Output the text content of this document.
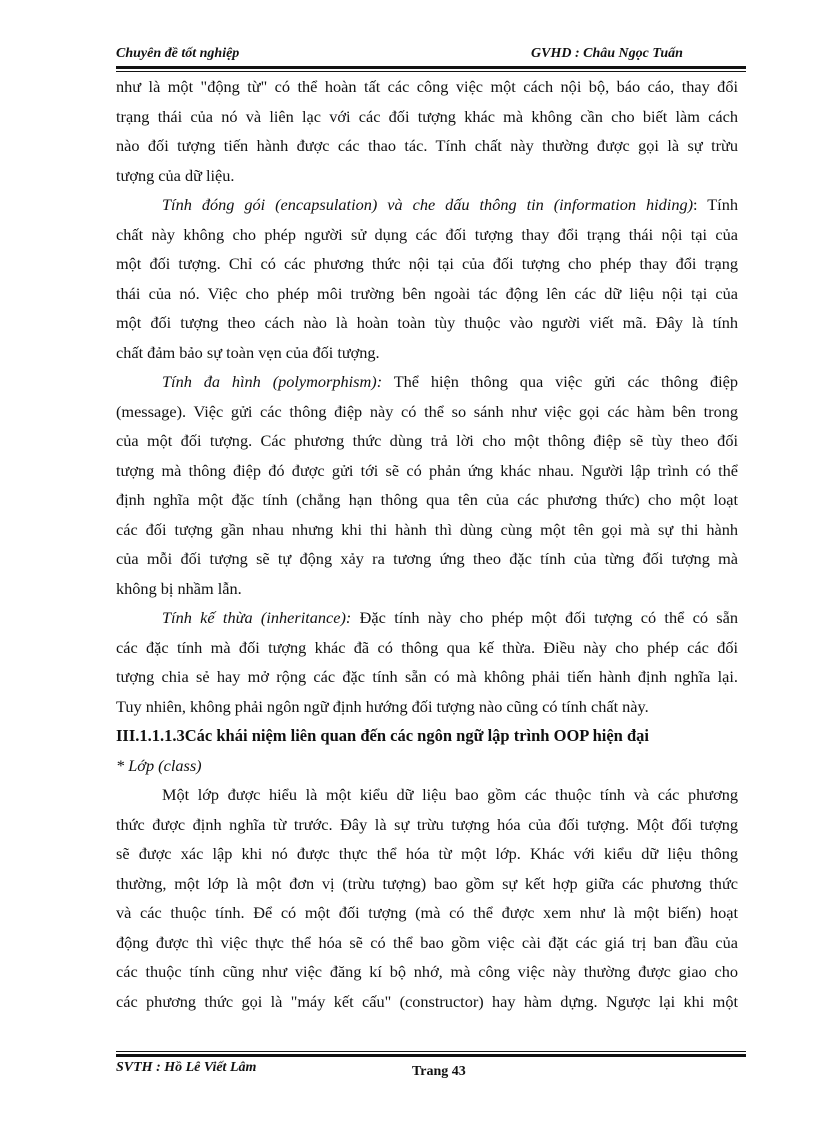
Chuyên đề tốt nghiệp	GVHD : Châu Ngọc Tuấn
như là một "động từ" có thể hoàn tất các công việc một cách nội bộ, báo cáo, thay đổi
trạng thái của nó và liên lạc với các đối tượng khác mà không cần cho biết làm cách
nào đối tượng tiến hành được các thao tác. Tính chất này thường được gọi là sự trừu
tượng của dữ liệu.
Tính đóng gói (encapsulation) và che dấu thông tin (information hiding): Tính
chất này không cho phép người sử dụng các đối tượng thay đổi trạng thái nội tại của
một đối tượng. Chỉ có các phương thức nội tại của đối tượng cho phép thay đổi trạng
thái của nó. Việc cho phép môi trường bên ngoài tác động lên các dữ liệu nội tại của
một đối tượng theo cách nào là hoàn toàn tùy thuộc vào người viết mã. Đây là tính
chất đảm bảo sự toàn vẹn của đối tượng.
Tính đa hình (polymorphism): Thể hiện thông qua việc gửi các thông điệp
(message). Việc gửi các thông điệp này có thể so sánh như việc gọi các hàm bên trong
của một đối tượng. Các phương thức dùng trả lời cho một thông điệp sẽ tùy theo đối
tượng mà thông điệp đó được gửi tới sẽ có phản ứng khác nhau. Người lập trình có thể
định nghĩa một đặc tính (chẳng hạn thông qua tên của các phương thức) cho một loạt
các đối tượng gần nhau nhưng khi thi hành thì dùng cùng một tên gọi mà sự thi hành
của mỗi đối tượng sẽ tự động xảy ra tương ứng theo đặc tính của từng đối tượng mà
không bị nhầm lẫn.
Tính kế thừa (inheritance): Đặc tính này cho phép một đối tượng có thể có sẵn
các đặc tính mà đối tượng khác đã có thông qua kế thừa. Điều này cho phép các đối
tượng chia sẻ hay mở rộng các đặc tính sẵn có mà không phải tiến hành định nghĩa lại.
Tuy nhiên, không phải ngôn ngữ định hướng đối tượng nào cũng có tính chất này.
III.1.1.1.3Các khái niệm liên quan đến các ngôn ngữ lập trình OOP hiện đại
* Lớp (class)
Một lớp được hiểu là một kiểu dữ liệu bao gồm các thuộc tính và các phương
thức được định nghĩa từ trước. Đây là sự trừu tượng hóa của đối tượng. Một đối tượng
sẽ được xác lập khi nó được thực thể hóa từ một lớp. Khác với kiểu dữ liệu thông
thường, một lớp là một đơn vị (trừu tượng) bao gồm sự kết hợp giữa các phương thức
và các thuộc tính. Để có một đối tượng (mà có thể được xem như là một biến) hoạt
động được thì việc thực thể hóa sẽ có thể bao gồm việc cài đặt các giá trị ban đầu của
các thuộc tính cũng như việc đăng kí bộ nhớ, mà công việc này thường được giao cho
các phương thức gọi là "máy kết cấu" (constructor) hay hàm dựng. Ngược lại khi một
SVTH : Hồ Lê Viết Lâm	Trang 43
